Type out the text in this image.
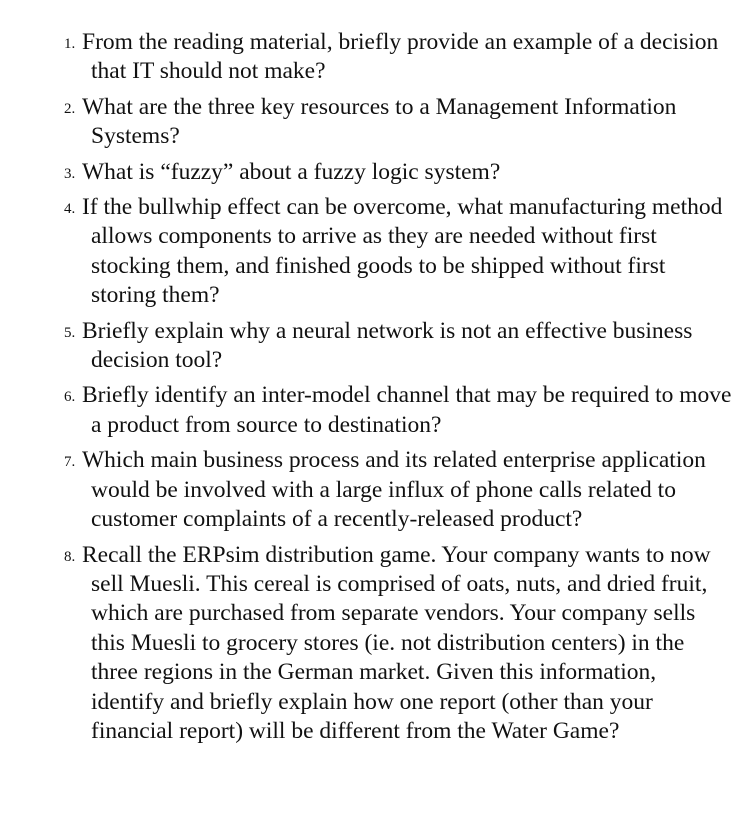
1. From the reading material, briefly provide an example of a decision that IT should not make?
2. What are the three key resources to a Management Information Systems?
3. What is “fuzzy” about a fuzzy logic system?
4. If the bullwhip effect can be overcome, what manufacturing method allows components to arrive as they are needed without first stocking them, and finished goods to be shipped without first storing them?
5. Briefly explain why a neural network is not an effective business decision tool?
6. Briefly identify an inter-model channel that may be required to move a product from source to destination?
7. Which main business process and its related enterprise application would be involved with a large influx of phone calls related to customer complaints of a recently-released product?
8. Recall the ERPsim distribution game. Your company wants to now sell Muesli. This cereal is comprised of oats, nuts, and dried fruit, which are purchased from separate vendors. Your company sells this Muesli to grocery stores (ie. not distribution centers) in the three regions in the German market. Given this information, identify and briefly explain how one report (other than your financial report) will be different from the Water Game?
